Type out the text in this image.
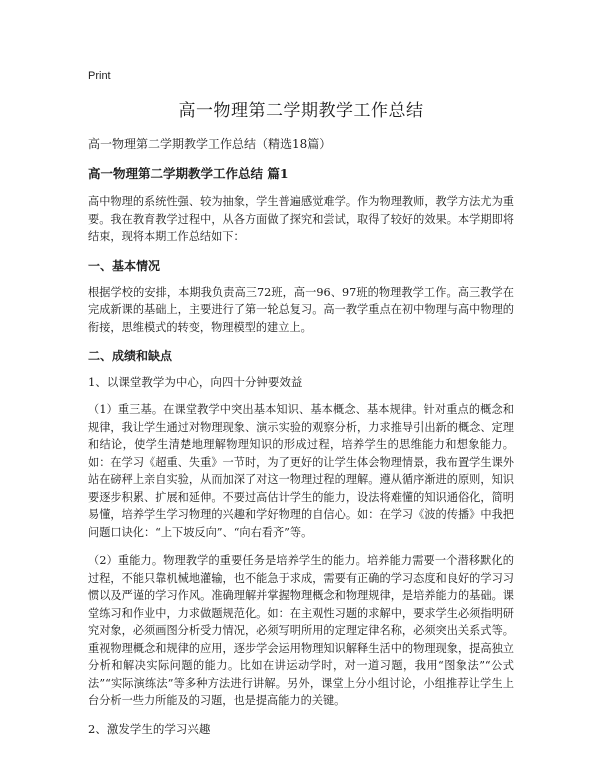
Print
高一物理第二学期教学工作总结
高一物理第二学期教学工作总结（精选18篇）
高一物理第二学期教学工作总结 篇1

高中物理的系统性强、较为抽象，学生普遍感觉难学。作为物理教师，教学方法尤为重要。我在教育教学过程中，从各方面做了探究和尝试，取得了较好的效果。本学期即将结束，现将本期工作总结如下：

一、基本情况

根据学校的安排，本期我负责高三72班，高一96、97班的物理教学工作。高三教学在完成新课的基础上，主要进行了第一轮总复习。高一教学重点在初中物理与高中物理的衔接，思维模式的转变，物理模型的建立上。

二、成绩和缺点
1、以课堂教学为中心，向四十分钟要效益

（1）重三基。在课堂教学中突出基本知识、基本概念、基本规律。针对重点的概念和规律，我让学生通过对物理现象、演示实验的观察分析，力求推导引出新的概念、定理和结论，使学生清楚地理解物理知识的形成过程，培养学生的思维能力和想象能力。如：在学习《超重、失重》一节时，为了更好的让学生体会物理情景，我布置学生课外站在磅秤上亲自实验，从而加深了对这一物理过程的理解。遵从循序渐进的原则，知识要逐步积累、扩展和延伸。不要过高估计学生的能力，设法将难懂的知识通俗化，简明易懂，培养学生学习物理的兴趣和学好物理的自信心。如：在学习《波的传播》中我把问题口诀化：“上下坡反向”、“向右看齐”等。

（2）重能力。物理教学的重要任务是培养学生的能力。培养能力需要一个潜移默化的过程，不能只靠机械地灌输，也不能急于求成，需要有正确的学习态度和良好的学习习惯以及严谨的学习作风。准确理解并掌握物理概念和物理规律，是培养能力的基础。课堂练习和作业中，力求做题规范化。如：在主观性习题的求解中，要求学生必须指明研究对象，必须画图分析受力情况，必须写明所用的定理定律名称，必须突出关系式等。重视物理概念和规律的应用，逐步学会运用物理知识解释生活中的物理现象，提高独立分析和解决实际问题的能力。比如在讲运动学时，对一道习题，我用“图象法”“公式法”“实际演练法”等多种方法进行讲解。另外，课堂上分小组讨论，小组推荐让学生上台分析一些力所能及的习题，也是提高能力的关键。

2、激发学生的学习兴趣
